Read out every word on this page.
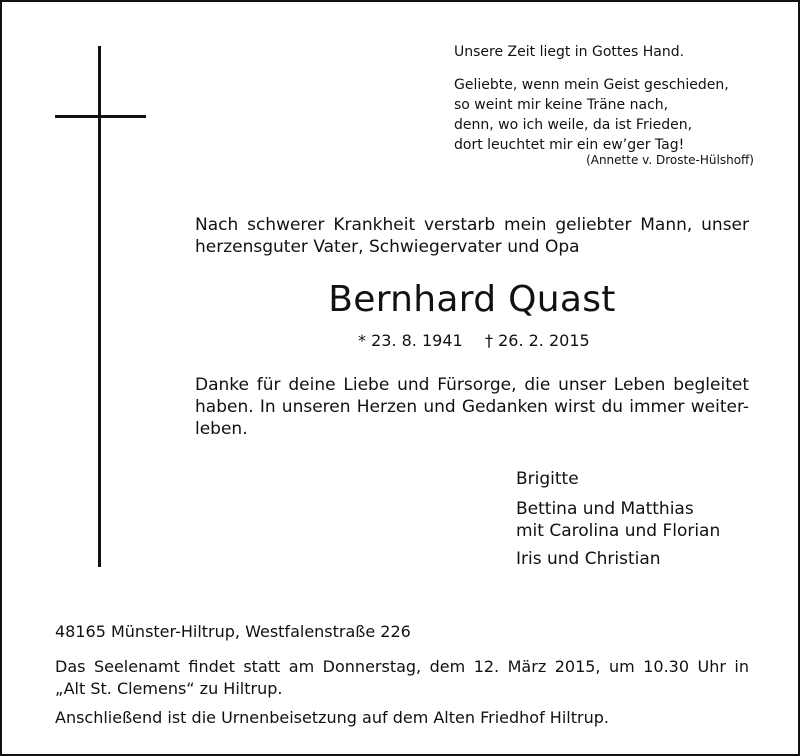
Unsere Zeit liegt in Gottes Hand.
Geliebte, wenn mein Geist geschieden,
so weint mir keine Träne nach,
denn, wo ich weile, da ist Frieden,
dort leuchtet mir ein ew’ger Tag!
(Annette v. Droste-Hülshoff)
Nach schwerer Krankheit verstarb mein geliebter Mann, unser
herzensguter Vater, Schwiegervater und Opa
Bernhard Quast
* 23. 8. 1941 † 26. 2. 2015
Danke für deine Liebe und Fürsorge, die unser Leben begleitet
haben. In unseren Herzen und Gedanken wirst du immer weiter-
leben.
Brigitte
Bettina und Matthias
mit Carolina und Florian
Iris und Christian
48165 Münster-Hiltrup, Westfalenstraße 226
Das Seelenamt findet statt am Donnerstag, dem 12. März 2015, um 10.30 Uhr in
„Alt St. Clemens“ zu Hiltrup.
Anschließend ist die Urnenbeisetzung auf dem Alten Friedhof Hiltrup.
